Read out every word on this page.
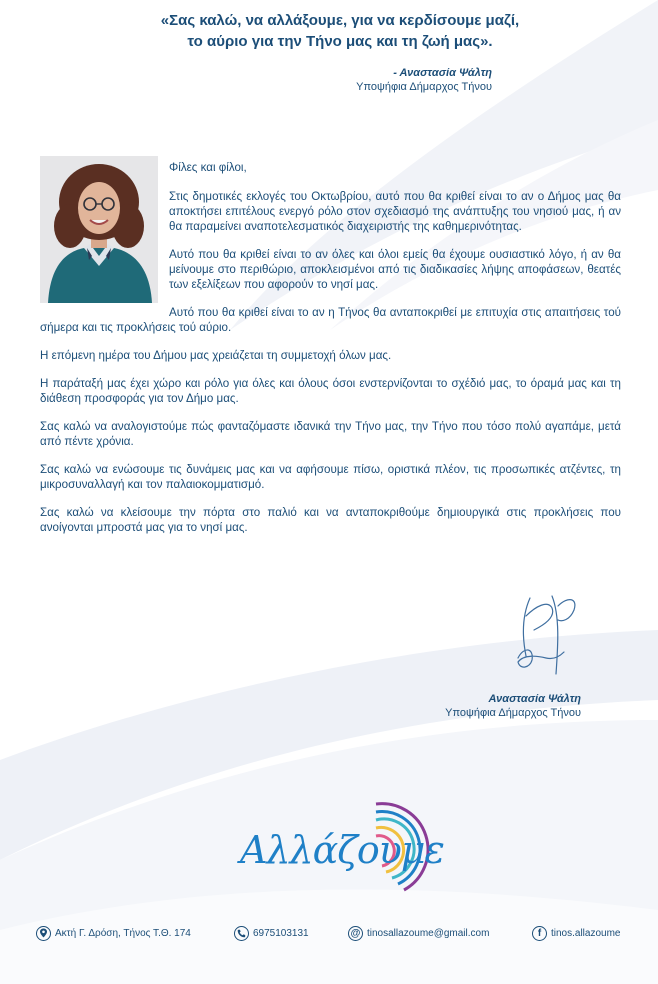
«Σας καλώ, να αλλάξουμε, για να κερδίσουμε μαζί,
το αύριο για την Τήνο μας και τη ζωή μας».
- Αναστασία Ψάλτη
Υποψήφια Δήμαρχος Τήνου

Φίλες και φίλοι,

Στις δημοτικές εκλογές του Οκτωβρίου, αυτό που θα κριθεί είναι το αν ο Δήμος μας θα αποκτήσει επιτέλους ενεργό ρόλο στον σχεδιασμό της ανάπτυξης του νησιού μας, ή αν θα παραμείνει αναποτελεσματικός διαχειριστής της καθημερινότητας.

Αυτό που θα κριθεί είναι το αν όλες και όλοι εμείς θα έχουμε ουσιαστικό λόγο, ή αν θα μείνουμε στο περιθώριο, αποκλεισμένοι από τις διαδικασίες λήψης αποφάσεων, θεατές των εξελίξεων που αφορούν το νησί μας.

Αυτό που θα κριθεί είναι το αν η Τήνος θα ανταποκριθεί με επιτυχία στις απαιτήσεις τού σήμερα και τις προκλήσεις τού αύριο.

Η επόμενη ημέρα του Δήμου μας χρειάζεται τη συμμετοχή όλων μας.

Η παράταξή μας έχει χώρο και ρόλο για όλες και όλους όσοι ενστερνίζονται το σχέδιό μας, το όραμά μας και τη διάθεση προσφοράς για τον Δήμο μας.

Σας καλώ να αναλογιστούμε πώς φανταζόμαστε ιδανικά την Τήνο μας, την Τήνο που τόσο πολύ αγαπάμε, μετά από πέντε χρόνια.

Σας καλώ να ενώσουμε τις δυνάμεις μας και να αφήσουμε πίσω, οριστικά πλέον, τις προσωπικές ατζέντες, τη μικροσυναλλαγή και τον παλαιοκομματισμό.

Σας καλώ να κλείσουμε την πόρτα στο παλιό και να ανταποκριθούμε δημιουργικά στις προκλήσεις που ανοίγονται μπροστά μας για το νησί μας.

Αναστασία Ψάλτη
Υποψήφια Δήμαρχος Τήνου
Αλλάζουμε
Ακτή Γ. Δρόση, Τήνος Τ.Θ. 174	6975103131	@ tinosallazoume@gmail.com	f tinos.allazoume
